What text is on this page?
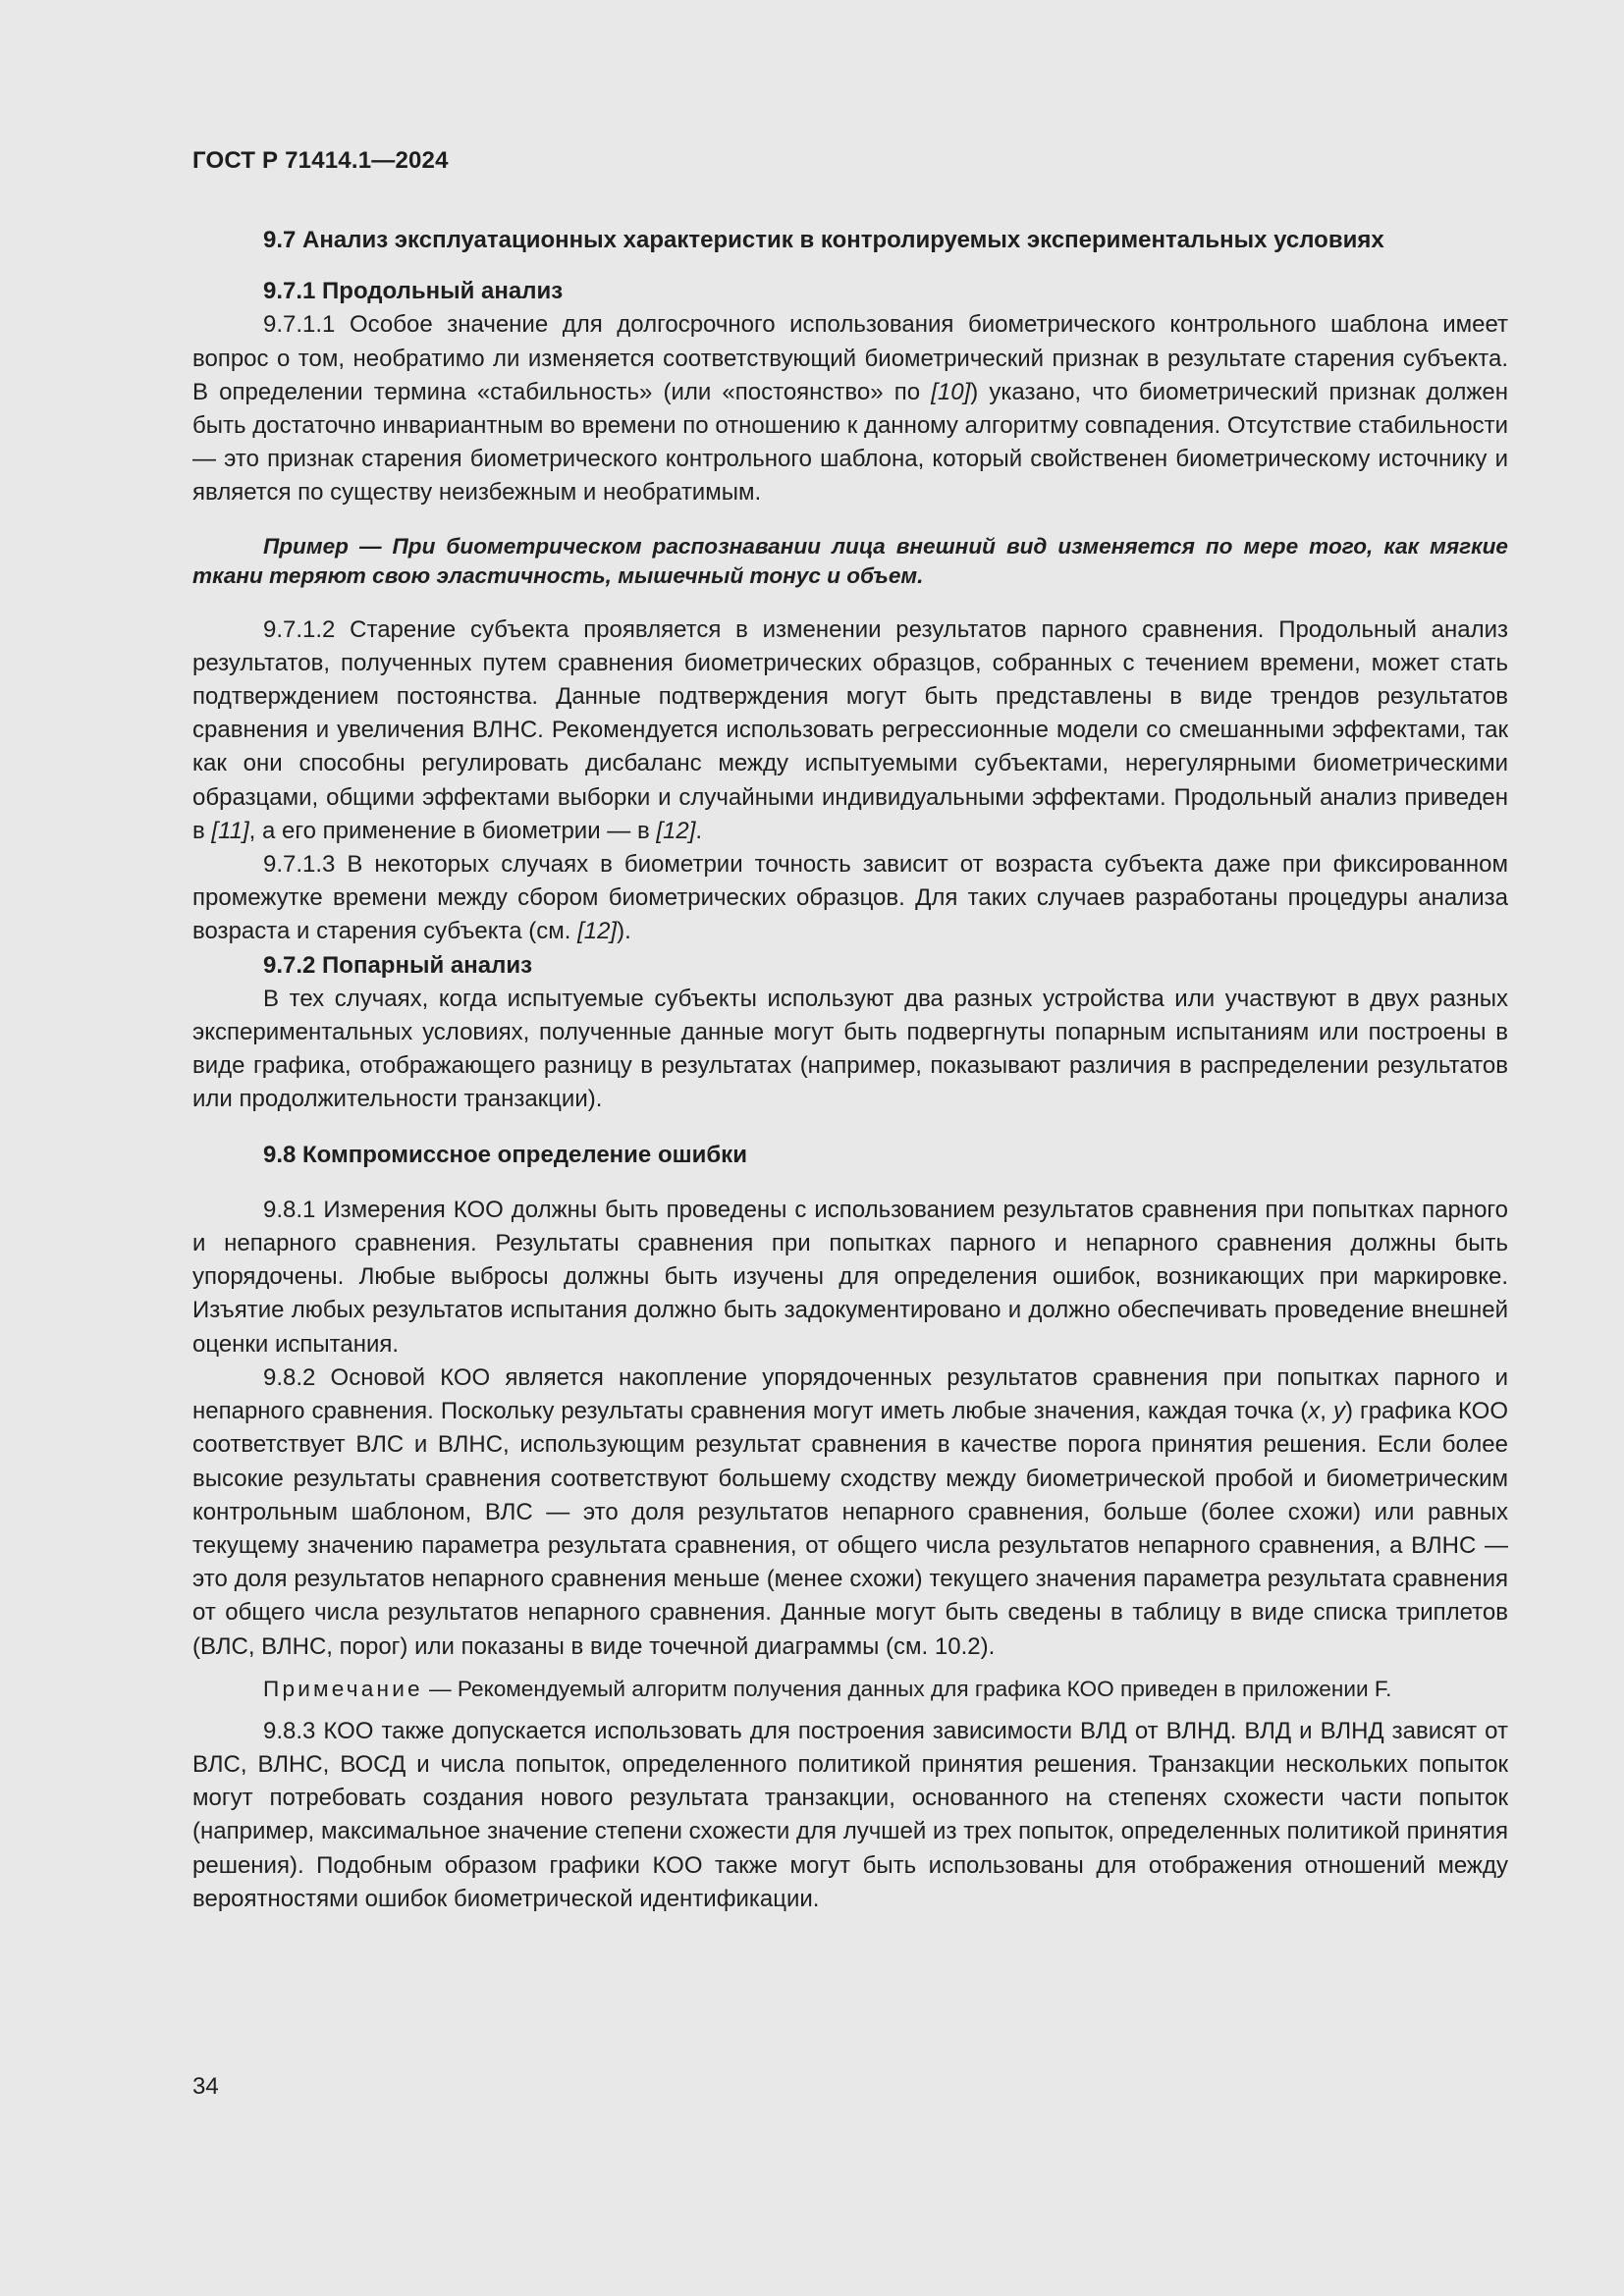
ГОСТ Р 71414.1—2024

9.7 Анализ эксплуатационных характеристик в контролируемых экспериментальных условиях

9.7.1 Продольный анализ

9.7.1.1 Особое значение для долгосрочного использования биометрического контрольного шаблона имеет вопрос о том, необратимо ли изменяется соответствующий биометрический признак в результате старения субъекта. В определении термина «стабильность» (или «постоянство» по [10]) указано, что биометрический признак должен быть достаточно инвариантным во времени по отношению к данному алгоритму совпадения. Отсутствие стабильности — это признак старения биометрического контрольного шаблона, который свойственен биометрическому источнику и является по существу неизбежным и необратимым.

Пример — При биометрическом распознавании лица внешний вид изменяется по мере того, как мягкие ткани теряют свою эластичность, мышечный тонус и объем.

9.7.1.2 Старение субъекта проявляется в изменении результатов парного сравнения. Продольный анализ результатов, полученных путем сравнения биометрических образцов, собранных с течением времени, может стать подтверждением постоянства. Данные подтверждения могут быть представлены в виде трендов результатов сравнения и увеличения ВЛНС. Рекомендуется использовать регрессионные модели со смешанными эффектами, так как они способны регулировать дисбаланс между испытуемыми субъектами, нерегулярными биометрическими образцами, общими эффектами выборки и случайными индивидуальными эффектами. Продольный анализ приведен в [11], а его применение в биометрии — в [12].

9.7.1.3 В некоторых случаях в биометрии точность зависит от возраста субъекта даже при фиксированном промежутке времени между сбором биометрических образцов. Для таких случаев разработаны процедуры анализа возраста и старения субъекта (см. [12]).

9.7.2 Попарный анализ

В тех случаях, когда испытуемые субъекты используют два разных устройства или участвуют в двух разных экспериментальных условиях, полученные данные могут быть подвергнуты попарным испытаниям или построены в виде графика, отображающего разницу в результатах (например, показывают различия в распределении результатов или продолжительности транзакции).

9.8 Компромиссное определение ошибки

9.8.1 Измерения КОО должны быть проведены с использованием результатов сравнения при попытках парного и непарного сравнения. Результаты сравнения при попытках парного и непарного сравнения должны быть упорядочены. Любые выбросы должны быть изучены для определения ошибок, возникающих при маркировке. Изъятие любых результатов испытания должно быть задокументировано и должно обеспечивать проведение внешней оценки испытания.

9.8.2 Основой КОО является накопление упорядоченных результатов сравнения при попытках парного и непарного сравнения. Поскольку результаты сравнения могут иметь любые значения, каждая точка (x, y) графика КОО соответствует ВЛС и ВЛНС, использующим результат сравнения в качестве порога принятия решения. Если более высокие результаты сравнения соответствуют большему сходству между биометрической пробой и биометрическим контрольным шаблоном, ВЛС — это доля результатов непарного сравнения, больше (более схожи) или равных текущему значению параметра результата сравнения, от общего числа результатов непарного сравнения, а ВЛНС — это доля результатов непарного сравнения меньше (менее схожи) текущего значения параметра результата сравнения от общего числа результатов непарного сравнения. Данные могут быть сведены в таблицу в виде списка триплетов (ВЛС, ВЛНС, порог) или показаны в виде точечной диаграммы (см. 10.2).

Примечание — Рекомендуемый алгоритм получения данных для графика КОО приведен в приложении F.

9.8.3 КОО также допускается использовать для построения зависимости ВЛД от ВЛНД. ВЛД и ВЛНД зависят от ВЛС, ВЛНС, ВОСД и числа попыток, определенного политикой принятия решения. Транзакции нескольких попыток могут потребовать создания нового результата транзакции, основанного на степенях схожести части попыток (например, максимальное значение степени схожести для лучшей из трех попыток, определенных политикой принятия решения). Подобным образом графики КОО также могут быть использованы для отображения отношений между вероятностями ошибок биометрической идентификации.

34
